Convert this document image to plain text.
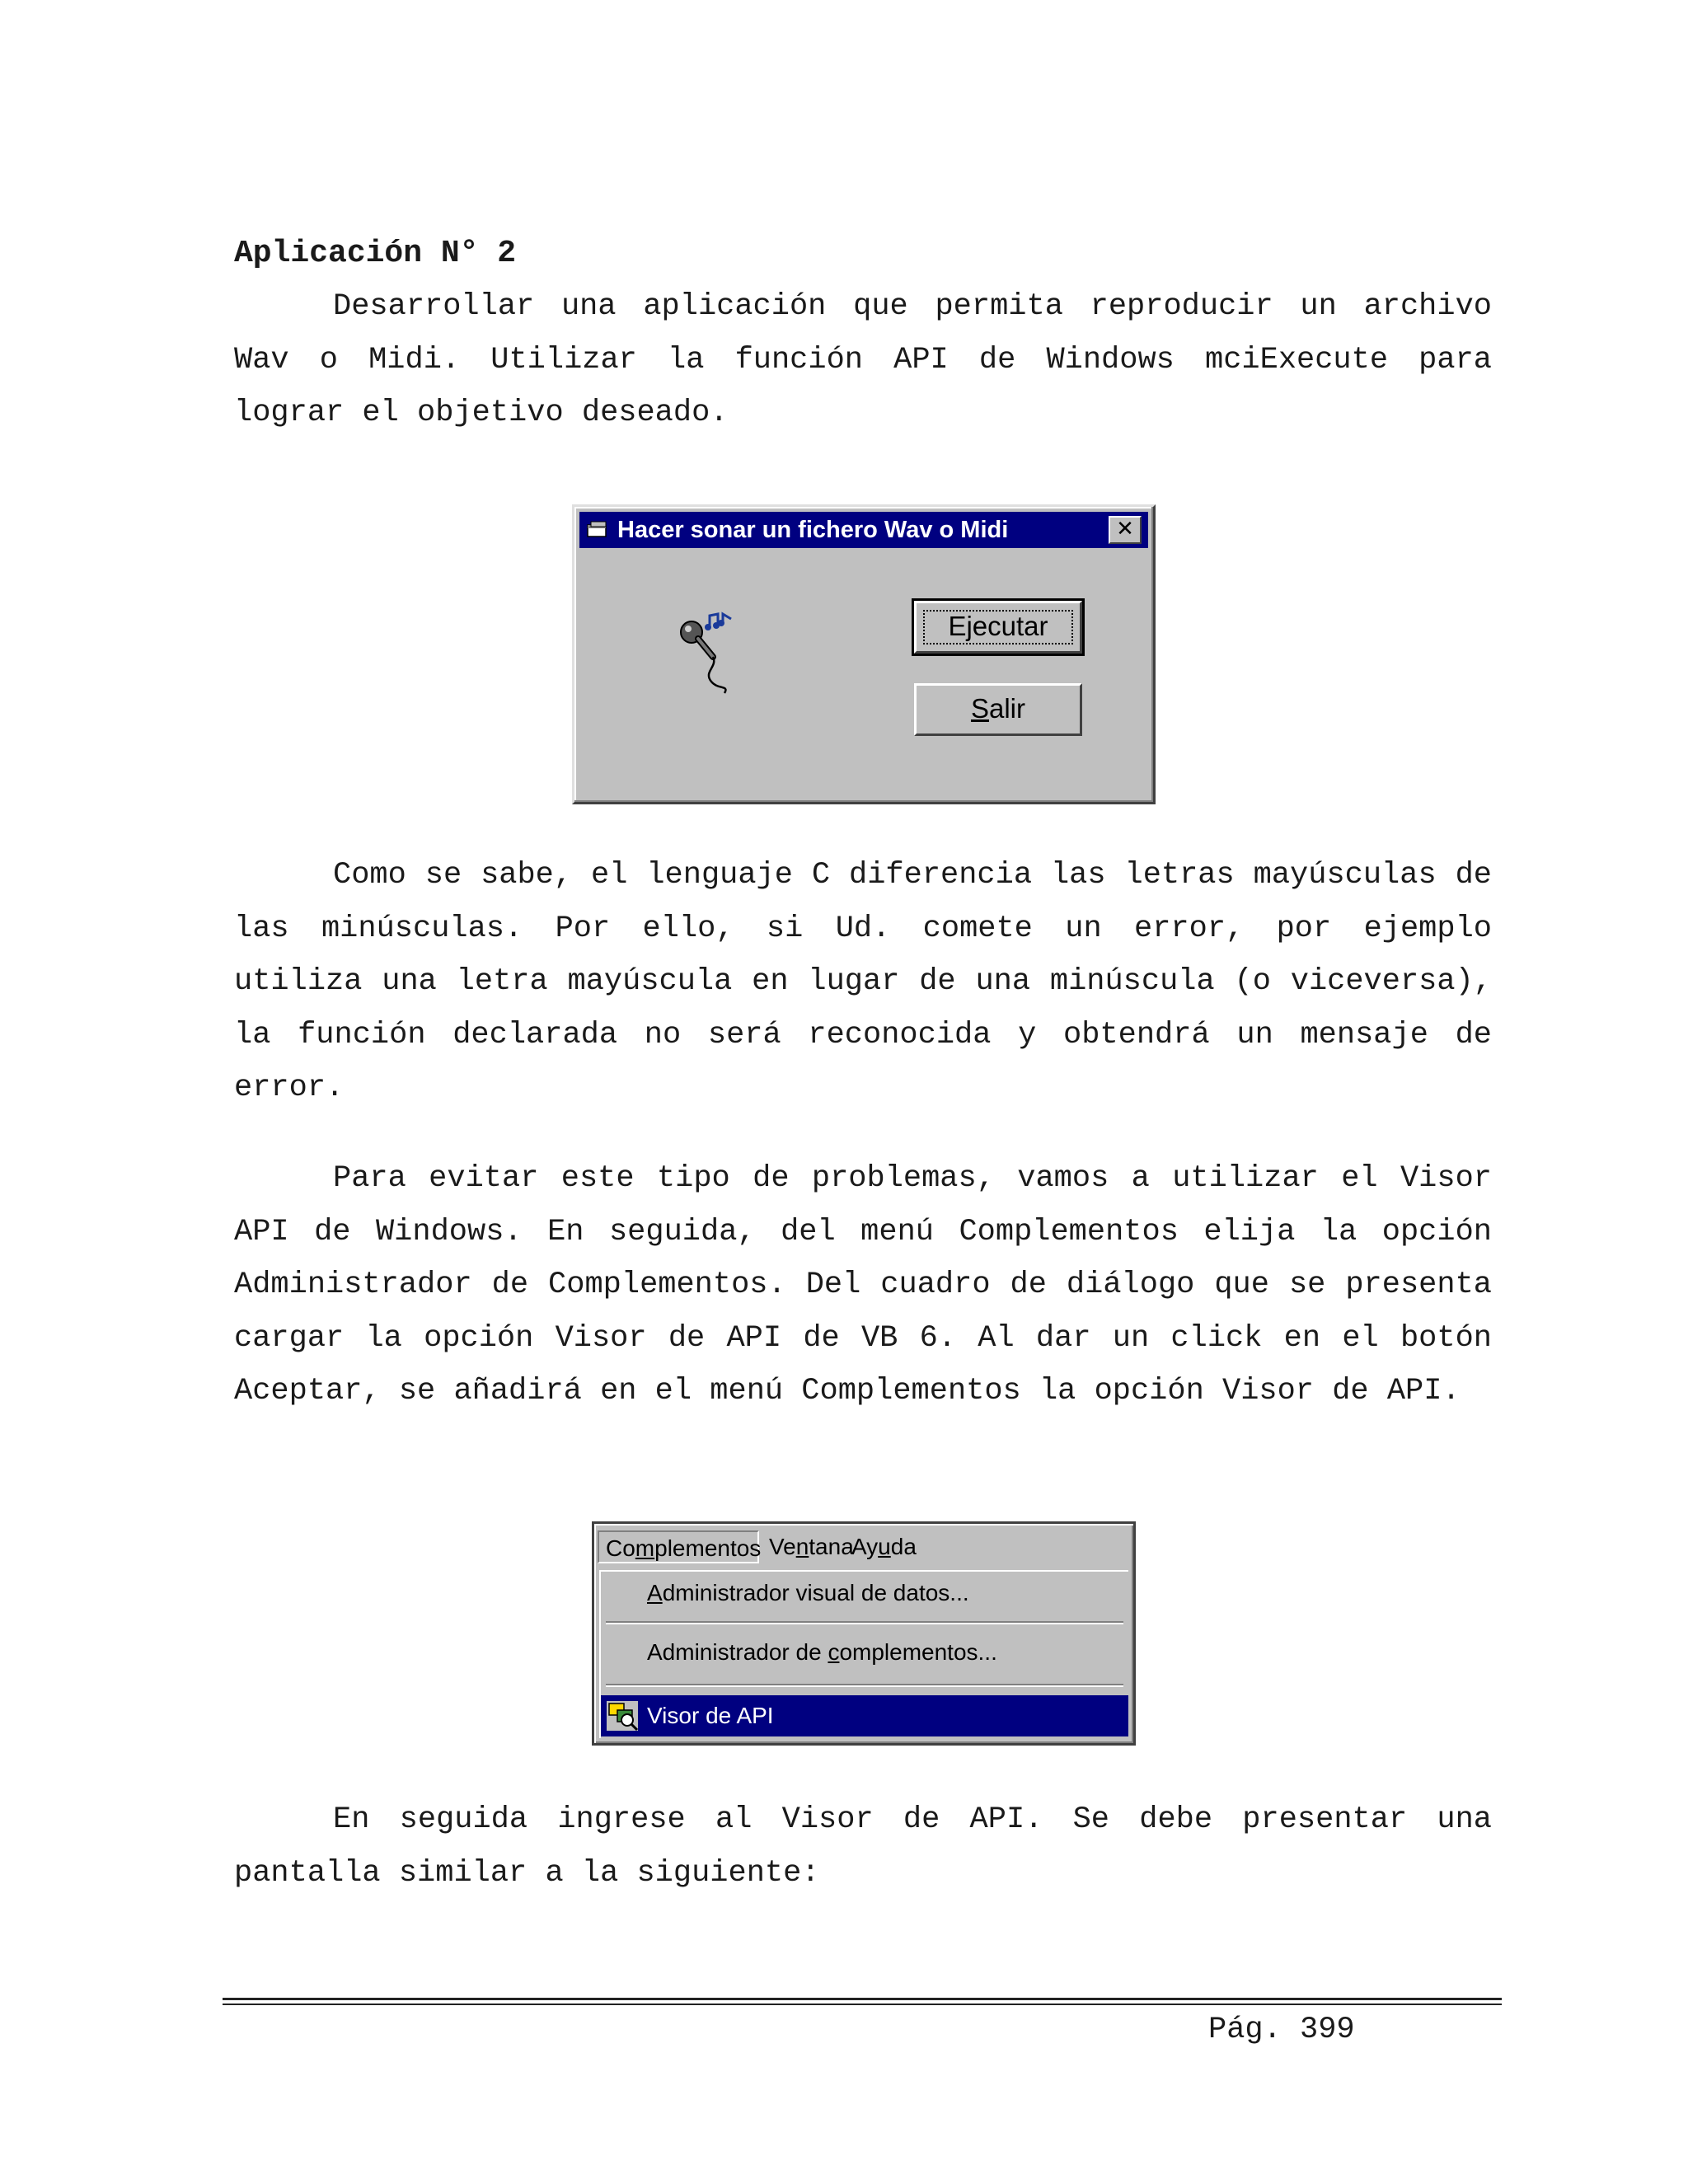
Aplicación N° 2

Desarrollar una aplicación que permita reproducir un archivo Wav o Midi. Utilizar la función API de Windows mciExecute para lograr el objetivo deseado.

Hacer sonar un fichero Wav o Midi	✕
Ejecutar
Salir

Como se sabe, el lenguaje C diferencia las letras mayúsculas de las minúsculas. Por ello, si Ud. comete un error, por ejemplo utiliza una letra mayúscula en lugar de una minúscula (o viceversa), la función declarada no será reconocida y obtendrá un mensaje de error.

Para evitar este tipo de problemas, vamos a utilizar el Visor API de Windows. En seguida, del menú Complementos elija la opción Administrador de Complementos. Del cuadro de diálogo que se presenta cargar la opción Visor de API de VB 6. Al dar un click en el botón Aceptar, se añadirá en el menú Complementos la opción Visor de API.

Complementos Ventana
Ayuda
Administrador visual de datos...
Administrador de complementos...
Visor de API

En seguida ingrese al Visor de API. Se debe presentar una pantalla similar a la siguiente:

Pág. 399
